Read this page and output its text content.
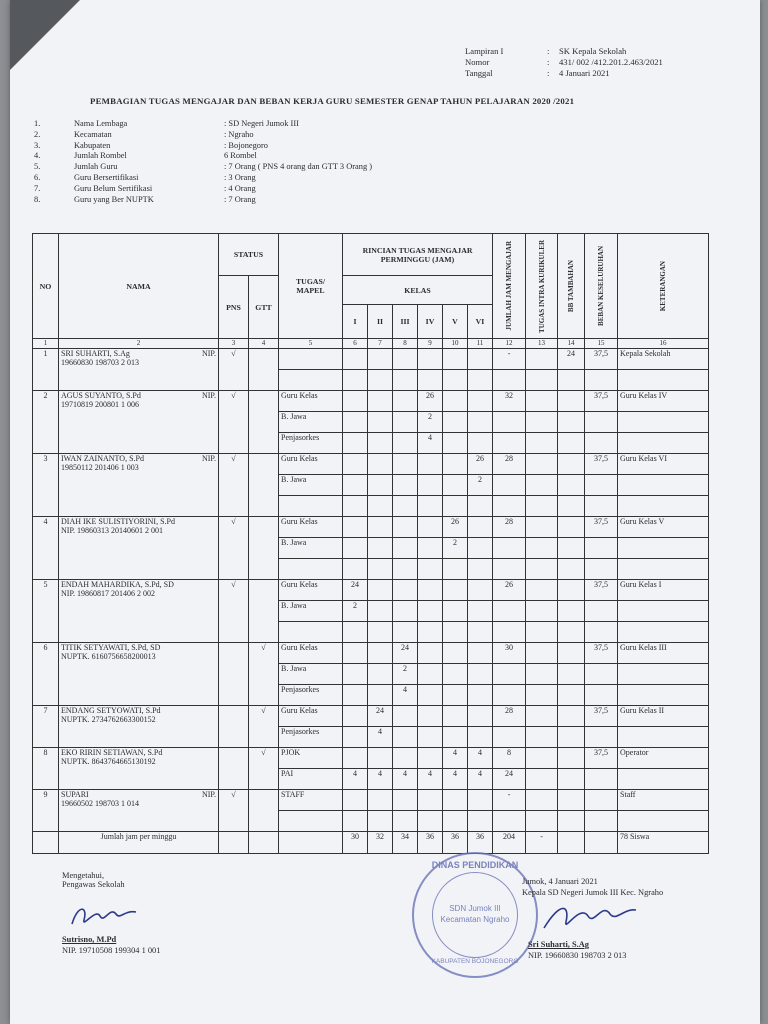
Lampiran I	:	SK Kepala Sekolah
Nomor	:	431/ 002 /412.201.2.463/2021
Tanggal	:	4 Januari 2021
PEMBAGIAN TUGAS MENGAJAR DAN BEBAN KERJA GURU SEMESTER GENAP TAHUN PELAJARAN 2020 /2021
1.	Nama Lembaga	: SD Negeri Jumok III
2.	Kecamatan	: Ngraho
3.	Kabupaten	: Bojonegoro
4.	Jumlah Rombel	6 Rombel
5.	Jumlah Guru	: 7 Orang ( PNS 4 orang dan GTT 3 Orang )
6.	Guru Bersertifikasi	: 3 Orang
7.	Guru Belum Sertifikasi	: 4 Orang
8.	Guru yang Ber NUPTK	: 7 Orang
NO	NAMA	STATUS		TUGAS/ MAPEL	RINCIAN TUGAS MENGAJAR PERMINGGU (JAM)						JUMLAH JAM MENGAJAR	TUGAS INTRA KURIKULER	BB TAMBAHAN	BEBAN KESELURUHAN	KETERANGAN

		PNS	GTT		KELAS										
					I	II	III	IV	V	VI					
1	2	3	4	5	6	7	8	9	10	11	12	13	14	15	16
1	SRI SUHARTI, S.Ag NIP.
19660830 198703 2 013	√									-		24	37,5	Kepala Sekolah

2	AGUS SUYANTO, S.Pd NIP.
19710819 200801 1 006	√		Guru Kelas				26			32			37,5	Guru Kelas IV
				B. Jawa				2							
				Penjasorkes				4							
3	IWAN ZAINANTO, S.Pd NIP.
19850112 201406 1 003	√		Guru Kelas						26	28			37,5	Guru Kelas VI
				B. Jawa						2					

4	DIAH IKE SULISTIYORINI, S.Pd
NIP. 19860313 20140601 2 001	√		Guru Kelas					26		28			37,5	Guru Kelas V
				B. Jawa					2						

5	ENDAH MAHARDIKA, S.Pd, SD
NIP. 19860817 201406 2 002	√		Guru Kelas	24						26			37,5	Guru Kelas I
				B. Jawa	2										

6	TITIK SETYAWATI, S.Pd, SD
NUPTK. 6160756658200013		√	Guru Kelas			24				30			37,5	Guru Kelas III
				B. Jawa			2								
				Penjasorkes			4								
7	ENDANG SETYOWATI, S.Pd
NUPTK. 2734762663300152		√	Guru Kelas		24					28			37,5	Guru Kelas II
				Penjasorkes		4									
8	EKO RIRIN SETIAWAN, S.Pd
NUPTK. 8643764665130192		√	PJOK					4	4	8			37,5	Operator
				PAI	4	4	4	4	4	4	24				
9	SUPARI NIP.
19660502 198703 1 014	√		STAFF							-				Staff

	Jumlah jam per minggu				30	32	34	36	36	36	204	-			78 Siswa
Mengetahui,
Pengawas Sekolah
Sutrisno, M.Pd
NIP. 19710508 199304 1 001
DINAS PENDIDIKAN
SDN Jumok III
Kecamatan Ngraho
KABUPATEN BOJONEGORO
Jumok, 4 Januari 2021
Kepala SD Negeri Jumok III Kec. Ngraho
Sri Suharti, S.Ag
NIP. 19660830 198703 2 013
